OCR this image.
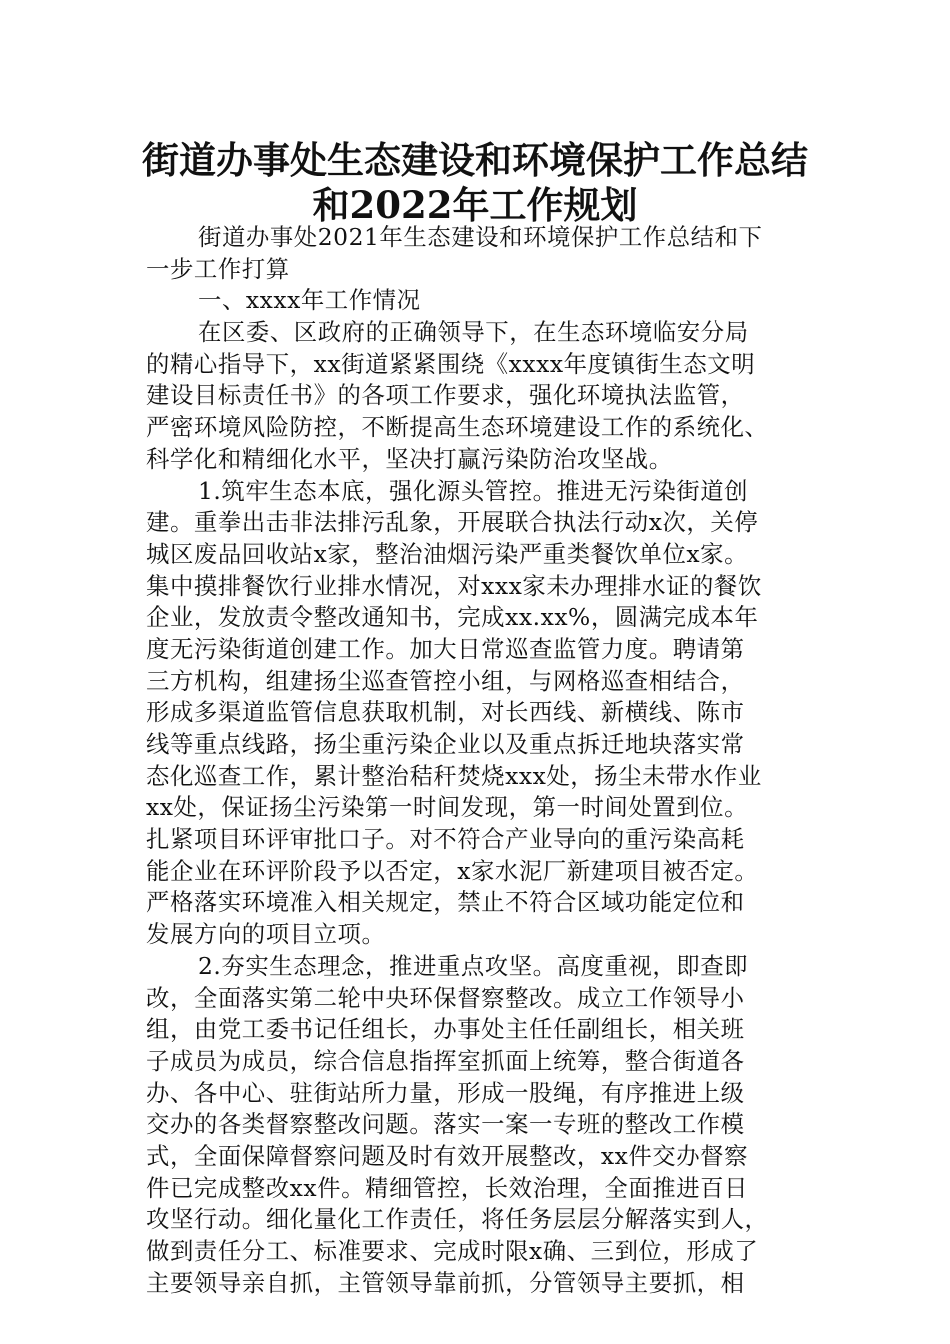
街道办事处生态建设和环境保护工作总结
和2022年工作规划

街道办事处2021年生态建设和环境保护工作总结和下
一步工作打算

一、xxxx年工作情况

在区委、区政府的正确领导下，在生态环境临安分局
的精心指导下，xx街道紧紧围绕《xxxx年度镇街生态文明
建设目标责任书》的各项工作要求，强化环境执法监管，
严密环境风险防控，不断提高生态环境建设工作的系统化、
科学化和精细化水平，坚决打赢污染防治攻坚战。

1.筑牢生态本底，强化源头管控。推进无污染街道创
建。重拳出击非法排污乱象，开展联合执法行动x次，关停
城区废品回收站x家，整治油烟污染严重类餐饮单位x家。
集中摸排餐饮行业排水情况，对xxx家未办理排水证的餐饮
企业，发放责令整改通知书，完成xx.xx%，圆满完成本年
度无污染街道创建工作。加大日常巡查监管力度。聘请第
三方机构，组建扬尘巡查管控小组，与网格巡查相结合，
形成多渠道监管信息获取机制，对长西线、新横线、陈市
线等重点线路，扬尘重污染企业以及重点拆迁地块落实常
态化巡查工作，累计整治秸秆焚烧xxx处，扬尘未带水作业
xx处，保证扬尘污染第一时间发现，第一时间处置到位。
扎紧项目环评审批口子。对不符合产业导向的重污染高耗
能企业在环评阶段予以否定，x家水泥厂新建项目被否定。
严格落实环境准入相关规定，禁止不符合区域功能定位和
发展方向的项目立项。

2.夯实生态理念，推进重点攻坚。高度重视，即查即
改，全面落实第二轮中央环保督察整改。成立工作领导小
组，由党工委书记任组长，办事处主任任副组长，相关班
子成员为成员，综合信息指挥室抓面上统筹，整合街道各
办、各中心、驻街站所力量，形成一股绳，有序推进上级
交办的各类督察整改问题。落实一案一专班的整改工作模
式，全面保障督察问题及时有效开展整改，xx件交办督察
件已完成整改xx件。精细管控，长效治理，全面推进百日
攻坚行动。细化量化工作责任，将任务层层分解落实到人，
做到责任分工、标准要求、完成时限x确、三到位，形成了
主要领导亲自抓，主管领导靠前抓，分管领导主要抓，相
